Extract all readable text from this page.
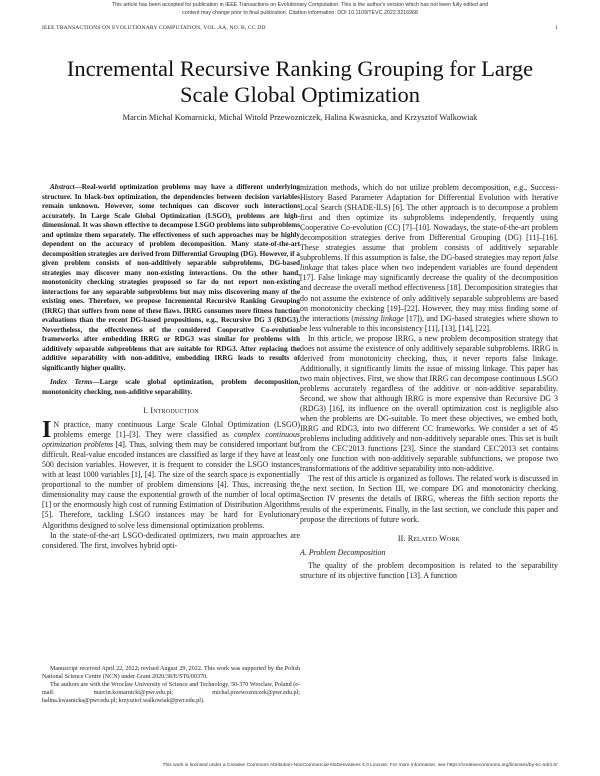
This article has been accepted for publication in IEEE Transactions on Evolutionary Computation. This is the author's version which has not been fully edited and
content may change prior to final publication. Citation information: DOI 10.1109/TEVC.2022.3216968
IEEE TRANSACTIONS ON EVOLUTIONARY COMPUTATION, VOL. AA, NO. B, CC DD	1
Incremental Recursive Ranking Grouping for Large Scale Global Optimization
Marcin Michal Komarnicki, Michal Witold Przewozniczek, Halina Kwasnicka, and Krzysztof Walkowiak

Abstract—Real-world optimization problems may have a different underlying structure. In black-box optimization, the dependencies between decision variables remain unknown. However, some techniques can discover such interactions accurately. In Large Scale Global Optimization (LSGO), problems are high-dimensional. It was shown effective to decompose LSGO problems into subproblems and optimize them separately. The effectiveness of such approaches may be highly dependent on the accuracy of problem decomposition. Many state-of-the-art decomposition strategies are derived from Differential Grouping (DG). However, if a given problem consists of non-additively separable subproblems, DG-based strategies may discover many non-existing interactions. On the other hand, monotonicity checking strategies proposed so far do not report non-existing interactions for any separable subproblems but may miss discovering many of the existing ones. Therefore, we propose Incremental Recursive Ranking Grouping (IRRG) that suffers from none of these flaws. IRRG consumes more fitness function evaluations than the recent DG-based propositions, e.g., Recursive DG 3 (RDG3). Nevertheless, the effectiveness of the considered Cooperative Co-evolution frameworks after embedding IRRG or RDG3 was similar for problems with additively separable subproblems that are suitable for RDG3. After replacing the additive separability with non-additive, embedding IRRG leads to results of significantly higher quality.

Index Terms—Large scale global optimization, problem decomposition, monotonicity checking, non-additive separability.
I. Introduction

I N practice, many continuous Large Scale Global Optimization (LSGO) problems emerge [1]–[3]. They were classified as complex continuous optimization problems [4]. Thus, solving them may be considered important but difficult. Real-value encoded instances are classified as large if they have at least 500 decision variables. However, it is frequent to consider the LSGO instances with at least 1000 variables [1], [4]. The size of the search space is exponentially proportional to the number of problem dimensions [4]. Thus, increasing the dimensionality may cause the exponential growth of the number of local optima [1] or the enormously high cost of running Estimation of Distribution Algorithms [5]. Therefore, tackling LSGO instances may be hard for Evolutionary Algorithms designed to solve less dimensional optimization problems.

In the state-of-the-art LSGO-dedicated optimizers, two main approaches are considered. The first, involves hybrid opti-

Manuscript received April 22, 2022; revised August 29, 2022. This work was supported by the Polish National Science Centre (NCN) under Grant 2020/38/E/ST6/00370.

The authors are with the Wroclaw University of Science and Technology, 50-370 Wroclaw, Poland (e-mail: marcin.komarnicki@pwr.edu.pl; michal.przewozniczek@pwr.edu.pl; halina.kwasnicka@pwr.edu.pl; krzysztof.walkowiak@pwr.edu.pl).

mization methods, which do not utilize problem decomposition, e.g., Success-History Based Parameter Adaptation for Differential Evolution with Iterative Local Search (SHADE-ILS) [6]. The other approach is to decompose a problem first and then optimize its subproblems independently, frequently using Cooperative Co-evolution (CC) [7]–[10]. Nowadays, the state-of-the-art problem decomposition strategies derive from Differential Grouping (DG) [11]–[16]. These strategies assume that problem consists of additively separable subproblems. If this assumption is false, the DG-based strategies may report false linkage that takes place when two independent variables are found dependent [17]. False linkage may significantly decrease the quality of the decomposition and decrease the overall method effectiveness [18]. Decomposition strategies that do not assume the existence of only additively separable subproblems are based on monotonicity checking [19]–[22]. However, they may miss finding some of the interactions (missing linkage [17]), and DG-based strategies where shown to be less vulnerable to this inconsistency [11], [13], [14], [22].

In this article, we propose IRRG, a new problem decomposition strategy that does not assume the existence of only additively separable subproblems. IRRG is derived from monotonicity checking, thus, it never reports false linkage. Additionally, it significantly limits the issue of missing linkage. This paper has two main objectives. First, we show that IRRG can decompose continuous LSGO problems accurately regardless of the additive or non-additive separability. Second, we show that although IRRG is more expensive than Recursive DG 3 (RDG3) [16], its influence on the overall optimization cost is negligible also when the problems are DG-suitable. To meet these objectives, we embed both, IRRG and RDG3, into two different CC frameworks. We consider a set of 45 problems including additively and non-additively separable ones. This set is built from the CEC'2013 functions [23]. Since the standard CEC'2013 set contains only one function with non-additively separable subfunctions, we propose two transformations of the additive separability into non-additive.

The rest of this article is organized as follows. The related work is discussed in the next section. In Section III, we compare DG and monotonicity checking. Section IV presents the details of IRRG, whereas the fifth section reports the results of the experiments. Finally, in the last section, we conclude this paper and propose the directions of future work.

II. Related Work
A. Problem Decomposition

The quality of the problem decomposition is related to the separability structure of its objective function [13]. A function

This work is licensed under a Creative Commons Attribution-NonCommercial-NoDerivatives 4.0 License. For more information, see https://creativecommons.org/licenses/by-nc-nd/4.0/
